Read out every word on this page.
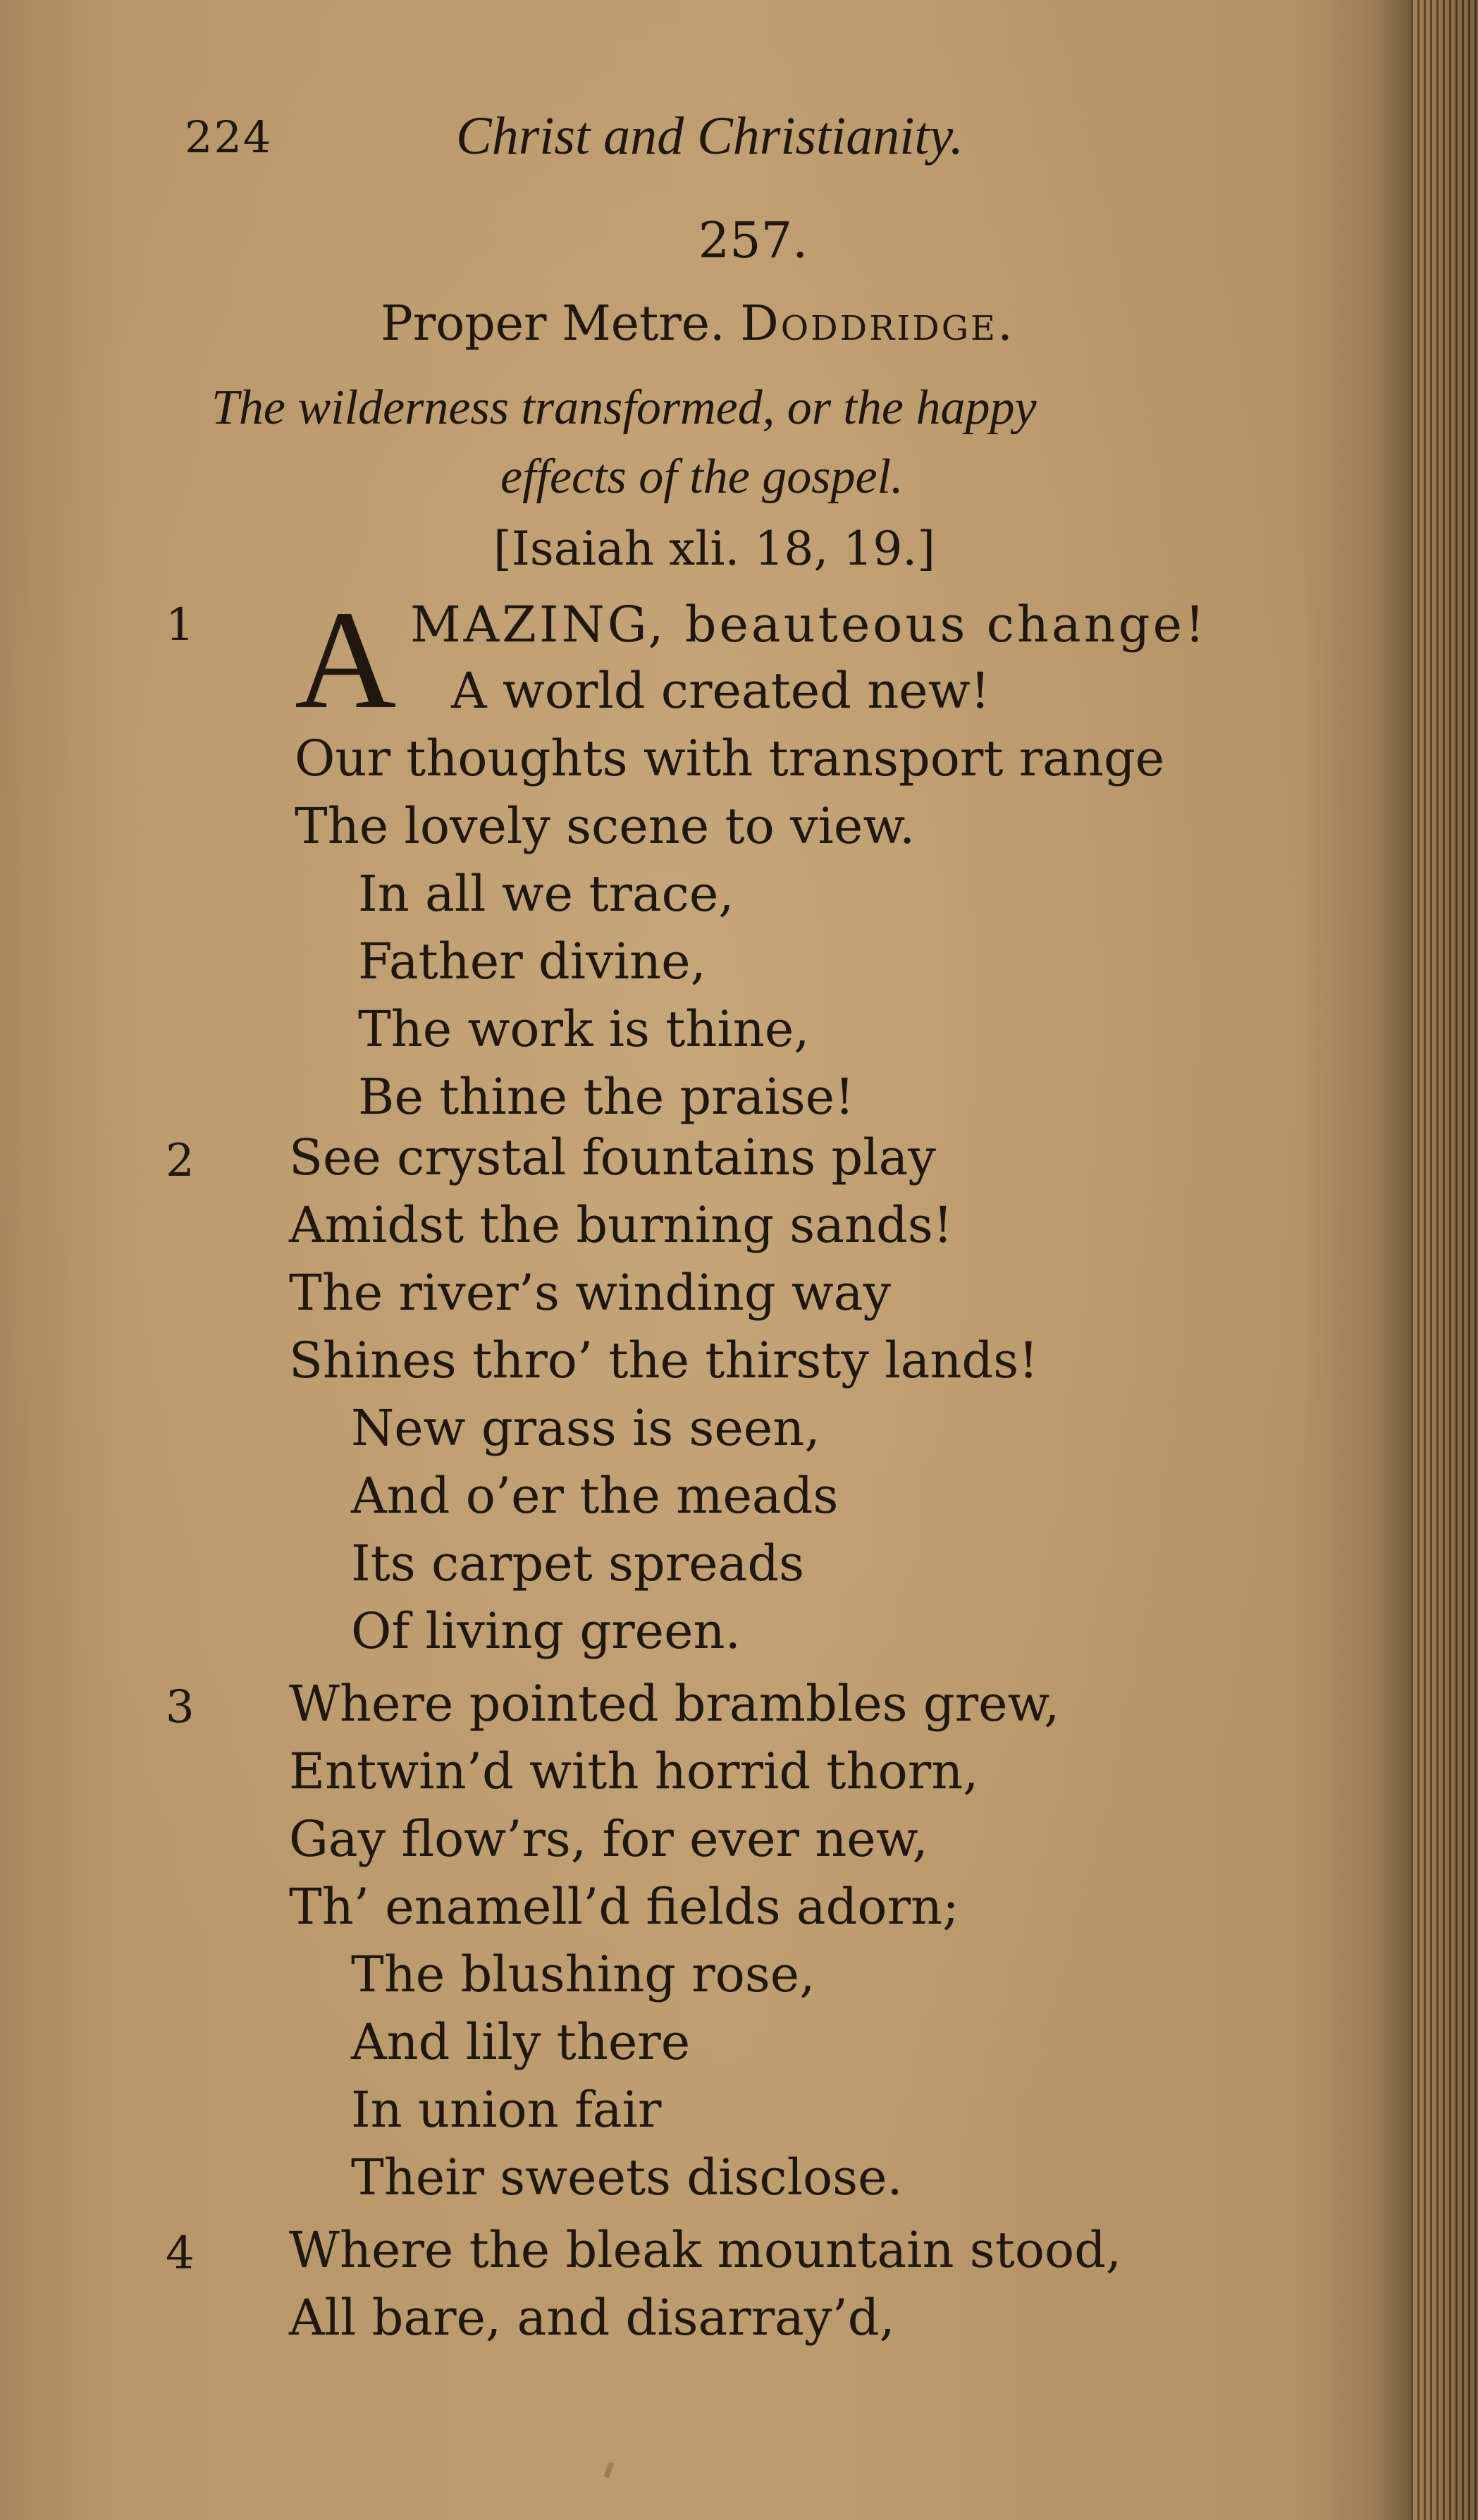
224	Christ and Christianity.
257.
Proper Metre. Doddridge.
The wilderness transformed, or the happy
effects of the gospel.
[Isaiah xli. 18, 19.]
1 A MAZING, beauteous change!
A world created new!
Our thoughts with transport range
The lovely scene to view.
In all we trace,
Father divine,
The work is thine,
Be thine the praise!
2 See crystal fountains play
Amidst the burning sands!
The river’s winding way
Shines thro’ the thirsty lands!
New grass is seen,
And o’er the meads
Its carpet spreads
Of living green.
3 Where pointed brambles grew,
Entwin’d with horrid thorn,
Gay flow’rs, for ever new,
Th’ enamell’d fields adorn;
The blushing rose,
And lily there
In union fair
Their sweets disclose.
4 Where the bleak mountain stood,
All bare, and disarray’d,
